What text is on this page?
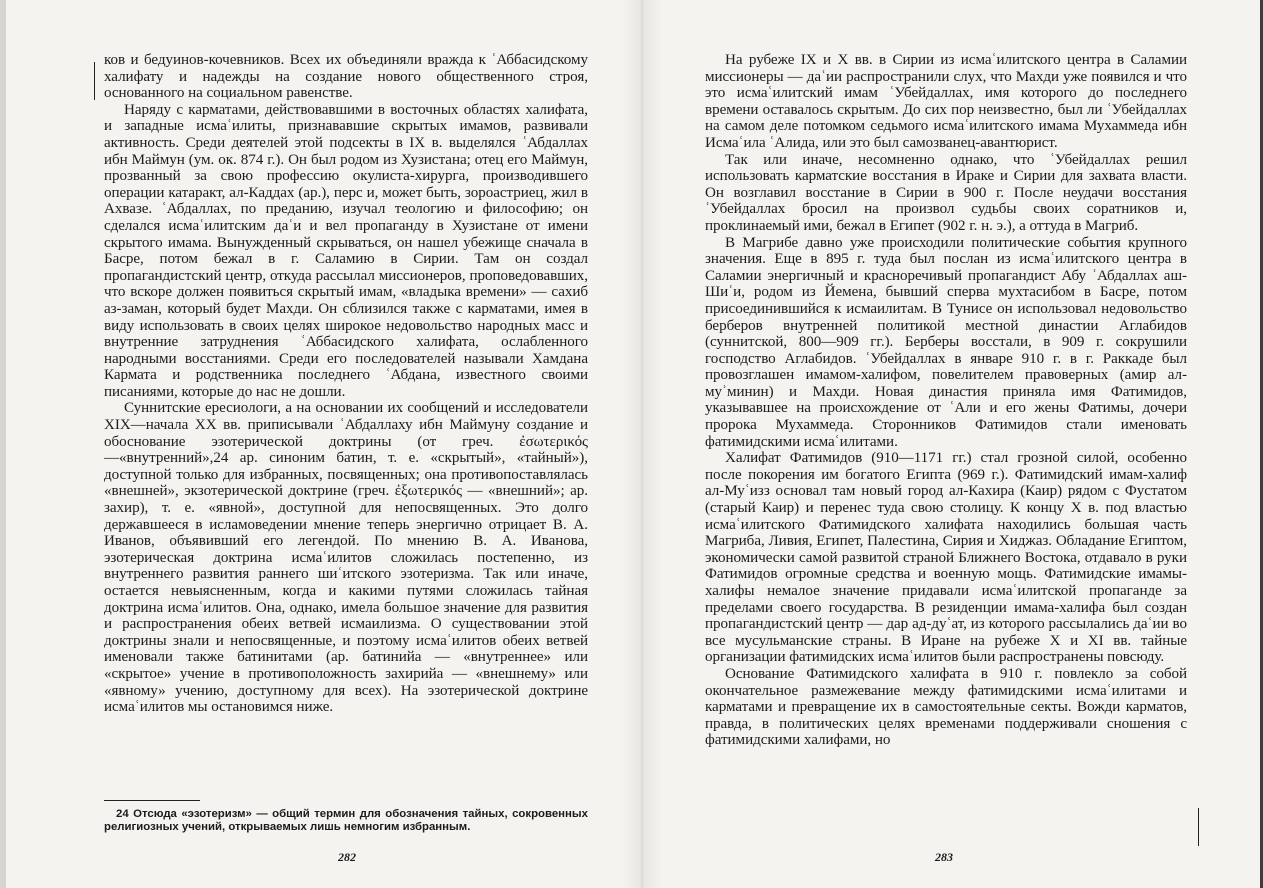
ков и бедуинов-кочевников. Всех их объединяли вражда к ʿАббасидскому халифату и надежды на создание нового общественного строя, основанного на социальном равенстве.

Наряду с карматами, действовавшими в восточных областях халифата, и западные исмаʿилиты, признававшие скрытых имамов, развивали активность. Среди деятелей этой подсекты в IX в. выделялся ʿАбдаллах ибн Маймун (ум. ок. 874 г.). Он был родом из Хузистана; отец его Маймун, прозванный за свою профессию окулиста-хирурга, производившего операции катаракт, ал-Каддах (ар.), перс и, может быть, зороастриец, жил в Ахвазе. ʿАбдаллах, по преданию, изучал теологию и философию; он сделался исмаʿилитским даʿи и вел пропаганду в Хузистане от имени скрытого имама. Вынужденный скрываться, он нашел убежище сначала в Басре, потом бежал в г. Саламию в Сирии. Там он создал пропагандистский центр, откуда рассылал миссионеров, проповедовавших, что вскоре должен появиться скрытый имам, «владыка времени» — сахиб аз-заман, который будет Махди. Он сблизился также с карматами, имея в виду использовать в своих целях широкое недовольство народных масс и внутренние затруднения ʿАббасидского халифата, ослабленного народными восстаниями. Среди его последователей называли Хамдана Кармата и родственника последнего ʿАбдана, известного своими писаниями, которые до нас не дошли.

Суннитские ересиологи, а на основании их сообщений и исследователи XIX—начала XX вв. приписывали ʿАбдаллаху ибн Маймуну создание и обоснование эзотерической доктрины (от греч. ἐσωτερικός —«внутренний»,24 ар. синоним батин, т. е. «скрытый», «тайный»), доступной только для избранных, посвященных; она противопоставлялась «внешней», экзотерической доктрине (греч. ἐξωτερικός — «внешний»; ар. захир), т. е. «явной», доступной для непосвященных. Это долго державшееся в исламоведении мнение теперь энергично отрицает В. А. Иванов, объявивший его легендой. По мнению В. А. Иванова, эзотерическая доктрина исмаʿилитов сложилась постепенно, из внутреннего развития раннего шиʿитского эзотеризма. Так или иначе, остается невыясненным, когда и какими путями сложилась тайная доктрина исмаʿилитов. Она, однако, имела большое значение для развития и распространения обеих ветвей исмаилизма. О существовании этой доктрины знали и непосвященные, и поэтому исмаʿилитов обеих ветвей именовали также батинитами (ар. батинийа — «внутреннее» или «скрытое» учение в противоположность захирийа — «внешнему» или «явному» учению, доступному для всех). На эзотерической доктрине исмаʿилитов мы остановимся ниже.

24 Отсюда «эзотеризм» — общий термин для обозначения тайных, сокровенных религиозных учений, открываемых лишь немногим избранным.

282

На рубеже IX и X вв. в Сирии из исмаʿилитского центра в Саламии миссионеры — даʿии распространили слух, что Махди уже появился и что это исмаʿилитский имам ʿУбейдаллах, имя которого до последнего времени оставалось скрытым. До сих пор неизвестно, был ли ʿУбейдаллах на самом деле потомком седьмого исмаʿилитского имама Мухаммеда ибн Исмаʿила ʿАлида, или это был самозванец-авантюрист.

Так или иначе, несомненно однако, что ʿУбейдаллах решил использовать карматские восстания в Ираке и Сирии для захвата власти. Он возглавил восстание в Сирии в 900 г. После неудачи восстания ʿУбейдаллах бросил на произвол судьбы своих соратников и, проклинаемый ими, бежал в Египет (902 г. н. э.), а оттуда в Магриб.

В Магрибе давно уже происходили политические события крупного значения. Еще в 895 г. туда был послан из исмаʿилитского центра в Саламии энергичный и красноречивый пропагандист Абу ʿАбдаллах аш-Шиʿи, родом из Йемена, бывший сперва мухтасибом в Басре, потом присоединившийся к исмаилитам. В Тунисе он использовал недовольство берберов внутренней политикой местной династии Аглабидов (суннитской, 800—909 гг.). Берберы восстали, в 909 г. сокрушили господство Аглабидов. ʿУбейдаллах в январе 910 г. в г. Раккаде был провозглашен имамом-халифом, повелителем правоверных (амир ал-муʾминин) и Махди. Новая династия приняла имя Фатимидов, указывавшее на происхождение от ʿАли и его жены Фатимы, дочери пророка Мухаммеда. Сторонников Фатимидов стали именовать фатимидскими исмаʿилитами.

Халифат Фатимидов (910—1171 гг.) стал грозной силой, особенно после покорения им богатого Египта (969 г.). Фатимидский имам-халиф ал-Муʿизз основал там новый город ал-Кахира (Каир) рядом с Фустатом (старый Каир) и перенес туда свою столицу. К концу X в. под властью исмаʿилитского Фатимидского халифата находились большая часть Магриба, Ливия, Египет, Палестина, Сирия и Хиджаз. Обладание Египтом, экономически самой развитой страной Ближнего Востока, отдавало в руки Фатимидов огромные средства и военную мощь. Фатимидские имамы-халифы немалое значение придавали исмаʿилитской пропаганде за пределами своего государства. В резиденции имама-халифа был создан пропагандистский центр — дар ад-дуʿат, из которого рассылались даʿии во все мусульманские страны. В Иране на рубеже X и XI вв. тайные организации фатимидских исмаʿилитов были распространены повсюду.

Основание Фатимидского халифата в 910 г. повлекло за собой окончательное размежевание между фатимидскими исмаʿилитами и карматами и превращение их в самостоятельные секты. Вожди карматов, правда, в политических целях временами поддерживали сношения с фатимидскими халифами, но

283
